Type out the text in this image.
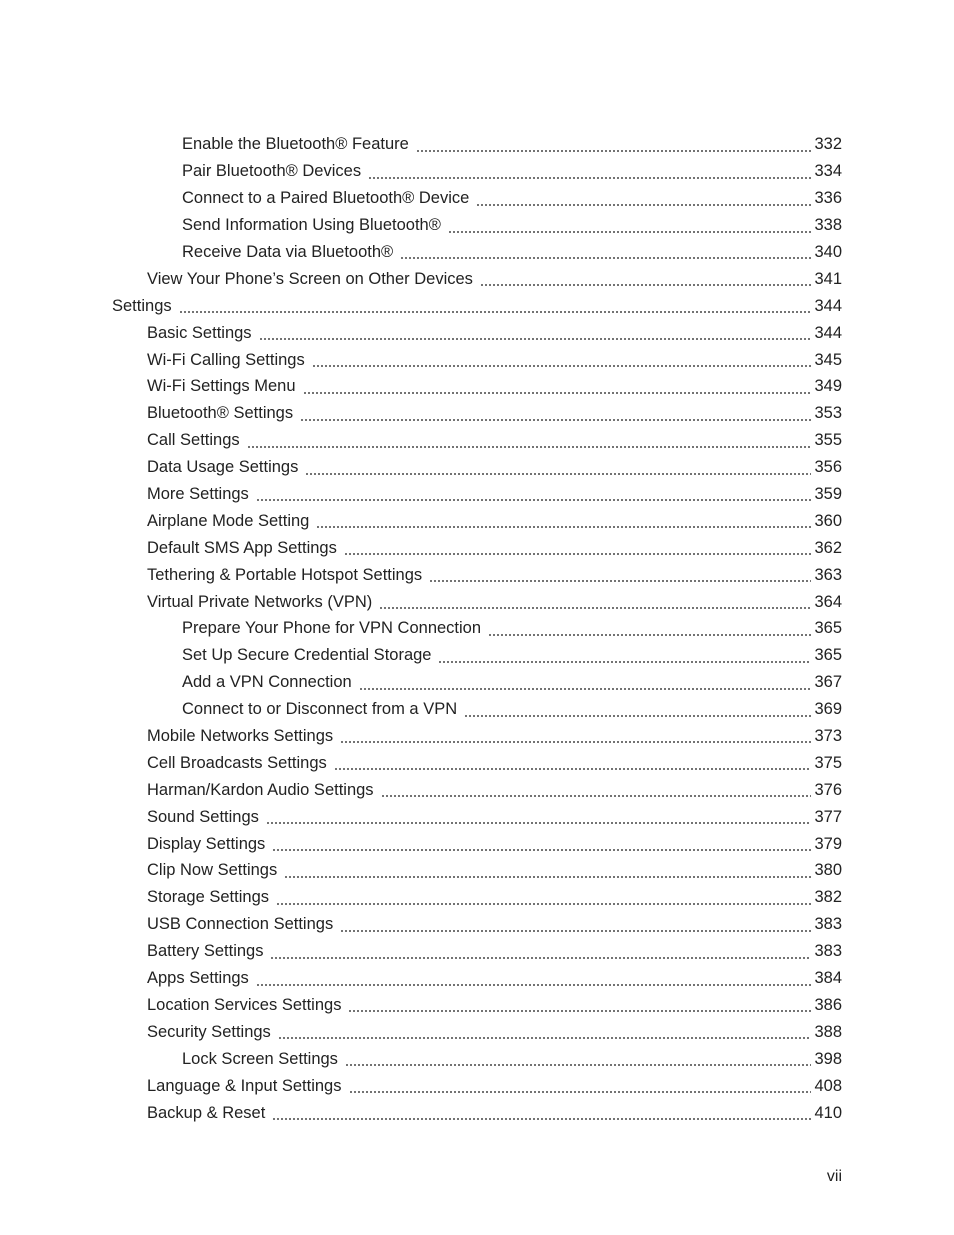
Enable the Bluetooth® Feature	332
Pair Bluetooth® Devices	334
Connect to a Paired Bluetooth® Device	336
Send Information Using Bluetooth®	338
Receive Data via Bluetooth®	340
View Your Phone’s Screen on Other Devices	341
Settings	344
Basic Settings	344
Wi-Fi Calling Settings	345
Wi-Fi Settings Menu	349
Bluetooth® Settings	353
Call Settings	355
Data Usage Settings	356
More Settings	359
Airplane Mode Setting	360
Default SMS App Settings	362
Tethering & Portable Hotspot Settings	363
Virtual Private Networks (VPN)	364
Prepare Your Phone for VPN Connection	365
Set Up Secure Credential Storage	365
Add a VPN Connection	367
Connect to or Disconnect from a VPN	369
Mobile Networks Settings	373
Cell Broadcasts Settings	375
Harman/Kardon Audio Settings	376
Sound Settings	377
Display Settings	379
Clip Now Settings	380
Storage Settings	382
USB Connection Settings	383
Battery Settings	383
Apps Settings	384
Location Services Settings	386
Security Settings	388
Lock Screen Settings	398
Language & Input Settings	408
Backup & Reset	410
vii
